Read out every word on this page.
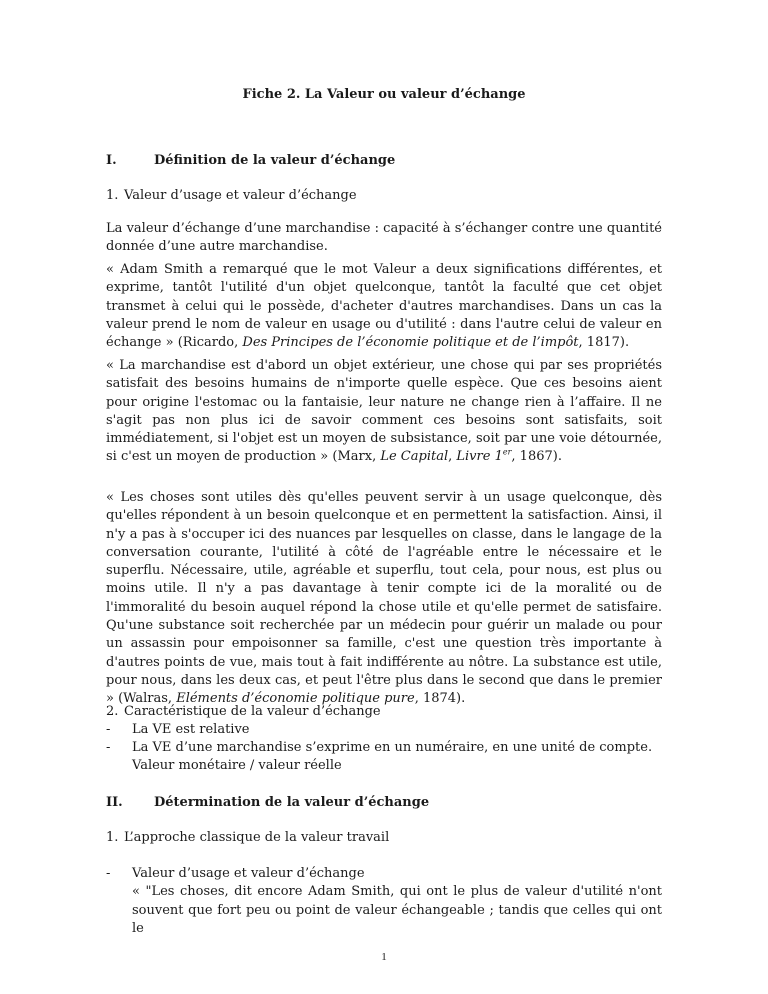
Fiche 2. La Valeur ou valeur d’échange
I.	Définition de la valeur d’échange
1. Valeur d’usage et valeur d’échange

La valeur d’échange d’une marchandise : capacité à s’échanger contre une quantité donnée d’une autre marchandise.

« Adam Smith a remarqué que le mot Valeur a deux significations différentes, et exprime, tantôt l'utilité d'un objet quelconque, tantôt la faculté que cet objet transmet à celui qui le possède, d'acheter d'autres marchandises. Dans un cas la valeur prend le nom de valeur en usage ou d'utilité : dans l'autre celui de valeur en échange » (Ricardo, Des Principes de l’économie politique et de l’impôt, 1817).

« La marchandise est d'abord un objet extérieur, une chose qui par ses propriétés satisfait des besoins humains de n'importe quelle espèce. Que ces besoins aient pour origine l'estomac ou la fantaisie, leur nature ne change rien à l’affaire. Il ne s'agit pas non plus ici de savoir comment ces besoins sont satisfaits, soit immédiatement, si l'objet est un moyen de subsistance, soit par une voie détournée, si c'est un moyen de production » (Marx, Le Capital, Livre 1er, 1867).

« Les choses sont utiles dès qu'elles peuvent servir à un usage quelconque, dès qu'elles répondent à un besoin quelconque et en permettent la satisfaction. Ainsi, il n'y a pas à s'occuper ici des nuances par lesquelles on classe, dans le langage de la conversation courante, l'utilité à côté de l'agréable entre le nécessaire et le superflu. Nécessaire, utile, agréable et superflu, tout cela, pour nous, est plus ou moins utile. Il n'y a pas davantage à tenir compte ici de la moralité ou de l'immoralité du besoin auquel répond la chose utile et qu'elle permet de satisfaire. Qu'une substance soit recherchée par un médecin pour guérir un malade ou pour un assassin pour empoisonner sa famille, c'est une question très importante à d'autres points de vue, mais tout à fait indifférente au nôtre. La substance est utile, pour nous, dans les deux cas, et peut l'être plus dans le second que dans le premier » (Walras, Eléments d’économie politique pure, 1874).

2. Caractéristique de la valeur d’échange
-	La VE est relative
-	La VE d’une marchandise s’exprime en un numéraire, en une unité de compte.
Valeur monétaire / valeur réelle
II. Détermination de la valeur d’échange
1. L’approche classique de la valeur travail
-	Valeur d’usage et valeur d’échange
« "Les choses, dit encore Adam Smith, qui ont le plus de valeur d'utilité n'ont souvent que fort peu ou point de valeur échangeable ; tandis que celles qui ont le
1
